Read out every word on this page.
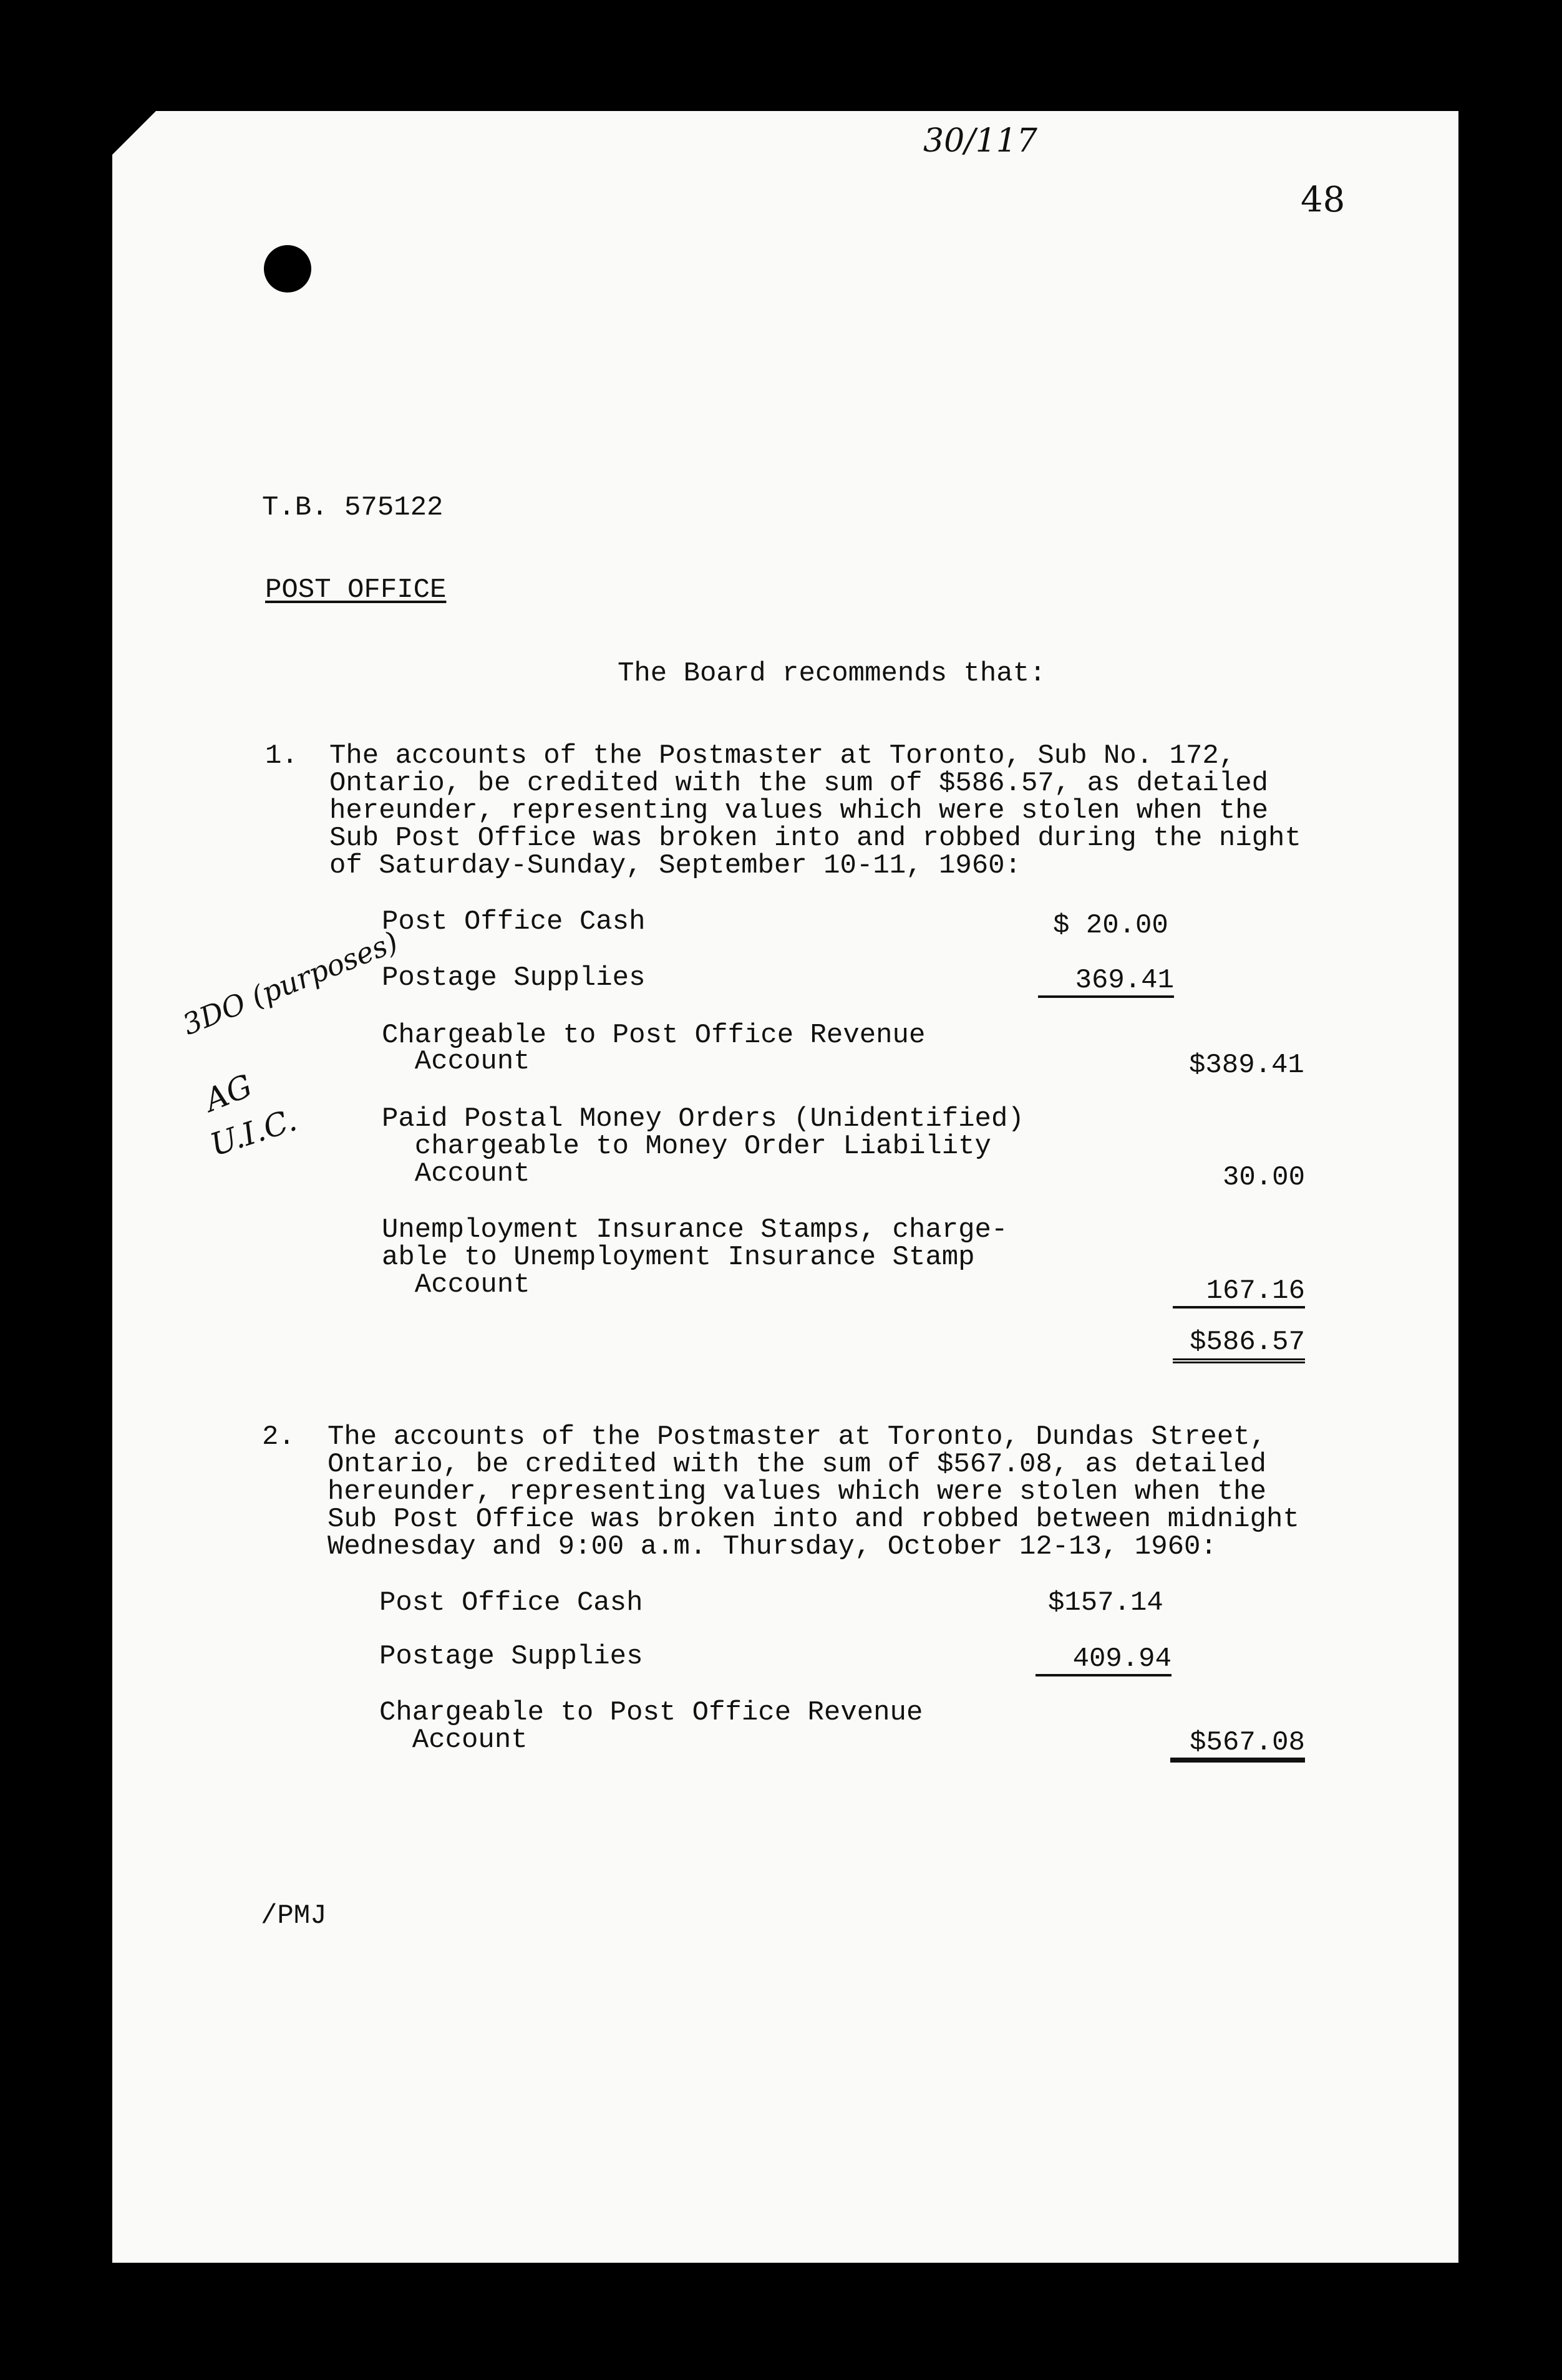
30/117
48
T.B. 575122
POST OFFICE
The Board recommends that:
1. The accounts of the Postmaster at Toronto, Sub No. 172,
Ontario, be credited with the sum of $586.57, as detailed
hereunder, representing values which were stolen when the
Sub Post Office was broken into and robbed during the night
of Saturday-Sunday, September 10-11, 1960:
Post Office Cash	$ 20.00
Postage Supplies	369.41
Chargeable to Post Office Revenue
Account	$389.41
3DO (purposes)
AG
U.I.C.	Paid Postal Money Orders (Unidentified)
chargeable to Money Order Liability
Account	30.00
Unemployment Insurance Stamps, charge-
able to Unemployment Insurance Stamp
Account	167.16
$586.57
2. The accounts of the Postmaster at Toronto, Dundas Street,
Ontario, be credited with the sum of $567.08, as detailed
hereunder, representing values which were stolen when the
Sub Post Office was broken into and robbed between midnight
Wednesday and 9:00 a.m. Thursday, October 12-13, 1960:
Post Office Cash	$157.14
Postage Supplies	409.94
Chargeable to Post Office Revenue
Account	$567.08
/PMJ
